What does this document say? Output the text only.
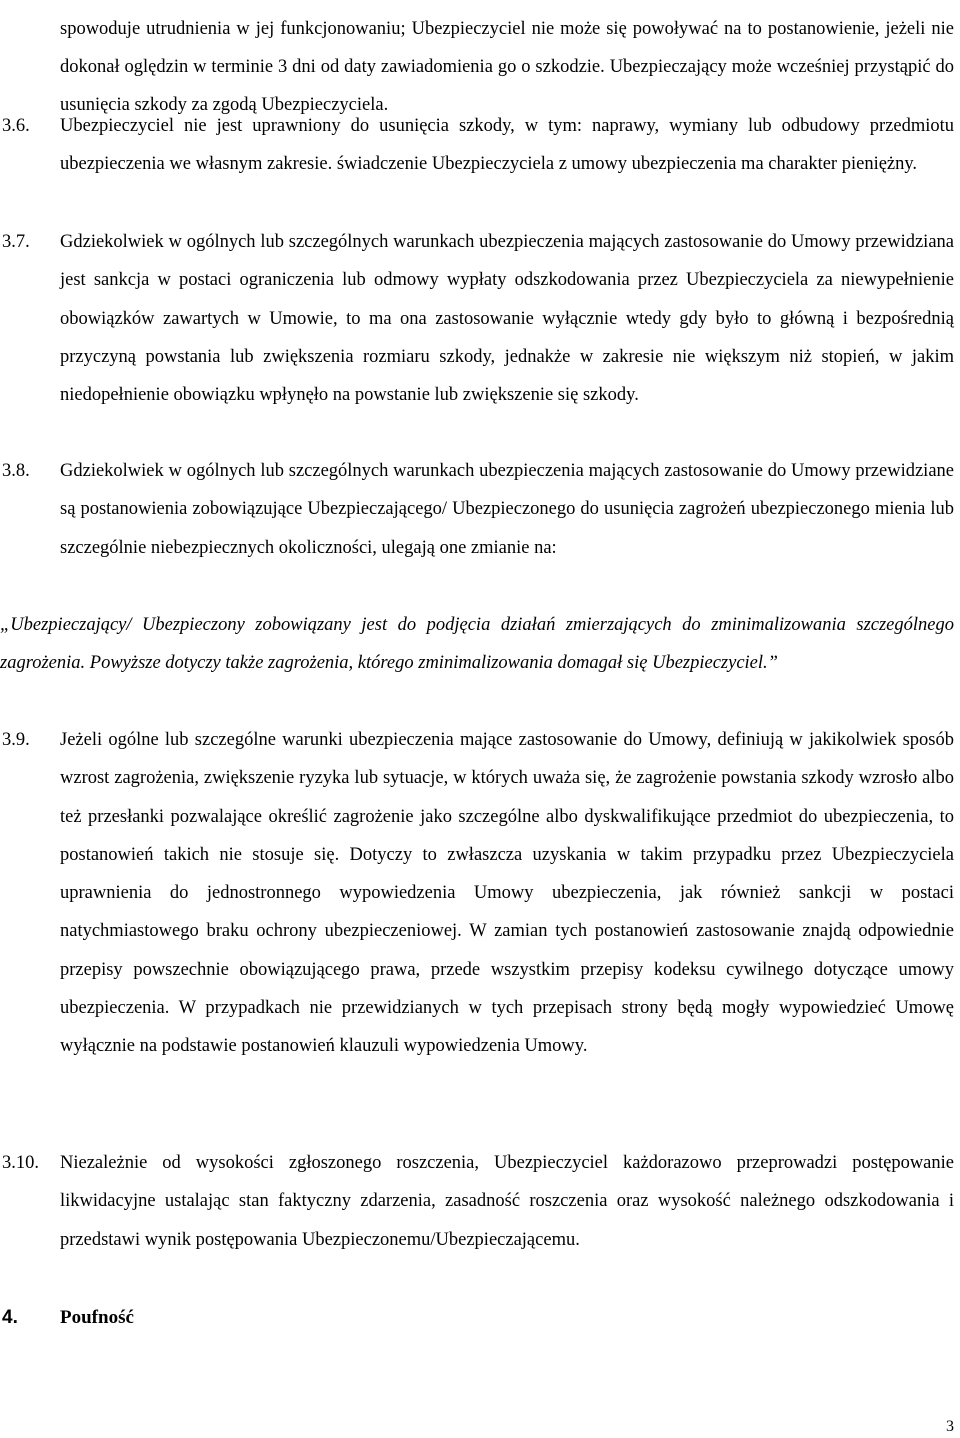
spowoduje utrudnienia w jej funkcjonowaniu; Ubezpieczyciel nie może się powoływać na to postanowienie, jeżeli nie dokonał oględzin w terminie 3 dni od daty zawiadomienia go o szkodzie. Ubezpieczający może wcześniej przystąpić do usunięcia szkody za zgodą Ubezpieczyciela.

3.6. Ubezpieczyciel nie jest uprawniony do usunięcia szkody, w tym: naprawy, wymiany lub odbudowy przedmiotu ubezpieczenia we własnym zakresie. świadczenie Ubezpieczyciela z umowy ubezpieczenia ma charakter pieniężny.

3.7. Gdziekolwiek w ogólnych lub szczególnych warunkach ubezpieczenia mających zastosowanie do Umowy przewidziana jest sankcja w postaci ograniczenia lub odmowy wypłaty odszkodowania przez Ubezpieczyciela za niewypełnienie obowiązków zawartych w Umowie, to ma ona zastosowanie wyłącznie wtedy gdy było to główną i bezpośrednią przyczyną powstania lub zwiększenia rozmiaru szkody, jednakże w zakresie nie większym niż stopień, w jakim niedopełnienie obowiązku wpłynęło na powstanie lub zwiększenie się szkody.

3.8. Gdziekolwiek w ogólnych lub szczególnych warunkach ubezpieczenia mających zastosowanie do Umowy przewidziane są postanowienia zobowiązujące Ubezpieczającego/ Ubezpieczonego do usunięcia zagrożeń ubezpieczonego mienia lub szczególnie niebezpiecznych okoliczności, ulegają one zmianie na:

„Ubezpieczający/ Ubezpieczony zobowiązany jest do podjęcia działań zmierzających do zminimalizowania szczególnego zagrożenia. Powyższe dotyczy także zagrożenia, którego zminimalizowania domagał się Ubezpieczyciel.”

3.9. Jeżeli ogólne lub szczególne warunki ubezpieczenia mające zastosowanie do Umowy, definiują w jakikolwiek sposób wzrost zagrożenia, zwiększenie ryzyka lub sytuacje, w których uważa się, że zagrożenie powstania szkody wzrosło albo też przesłanki pozwalające określić zagrożenie jako szczególne albo dyskwalifikujące przedmiot do ubezpieczenia, to postanowień takich nie stosuje się. Dotyczy to zwłaszcza uzyskania w takim przypadku przez Ubezpieczyciela uprawnienia do jednostronnego wypowiedzenia Umowy ubezpieczenia, jak również sankcji w postaci natychmiastowego braku ochrony ubezpieczeniowej. W zamian tych postanowień zastosowanie znajdą odpowiednie przepisy powszechnie obowiązującego prawa, przede wszystkim przepisy kodeksu cywilnego dotyczące umowy ubezpieczenia. W przypadkach nie przewidzianych w tych przepisach strony będą mogły wypowiedzieć Umowę wyłącznie na podstawie postanowień klauzuli wypowiedzenia Umowy.

3.10. Niezależnie od wysokości zgłoszonego roszczenia, Ubezpieczyciel każdorazowo przeprowadzi postępowanie likwidacyjne ustalając stan faktyczny zdarzenia, zasadność roszczenia oraz wysokość należnego odszkodowania i przedstawi wynik postępowania Ubezpieczonemu/Ubezpieczającemu.

4. Poufność
3
